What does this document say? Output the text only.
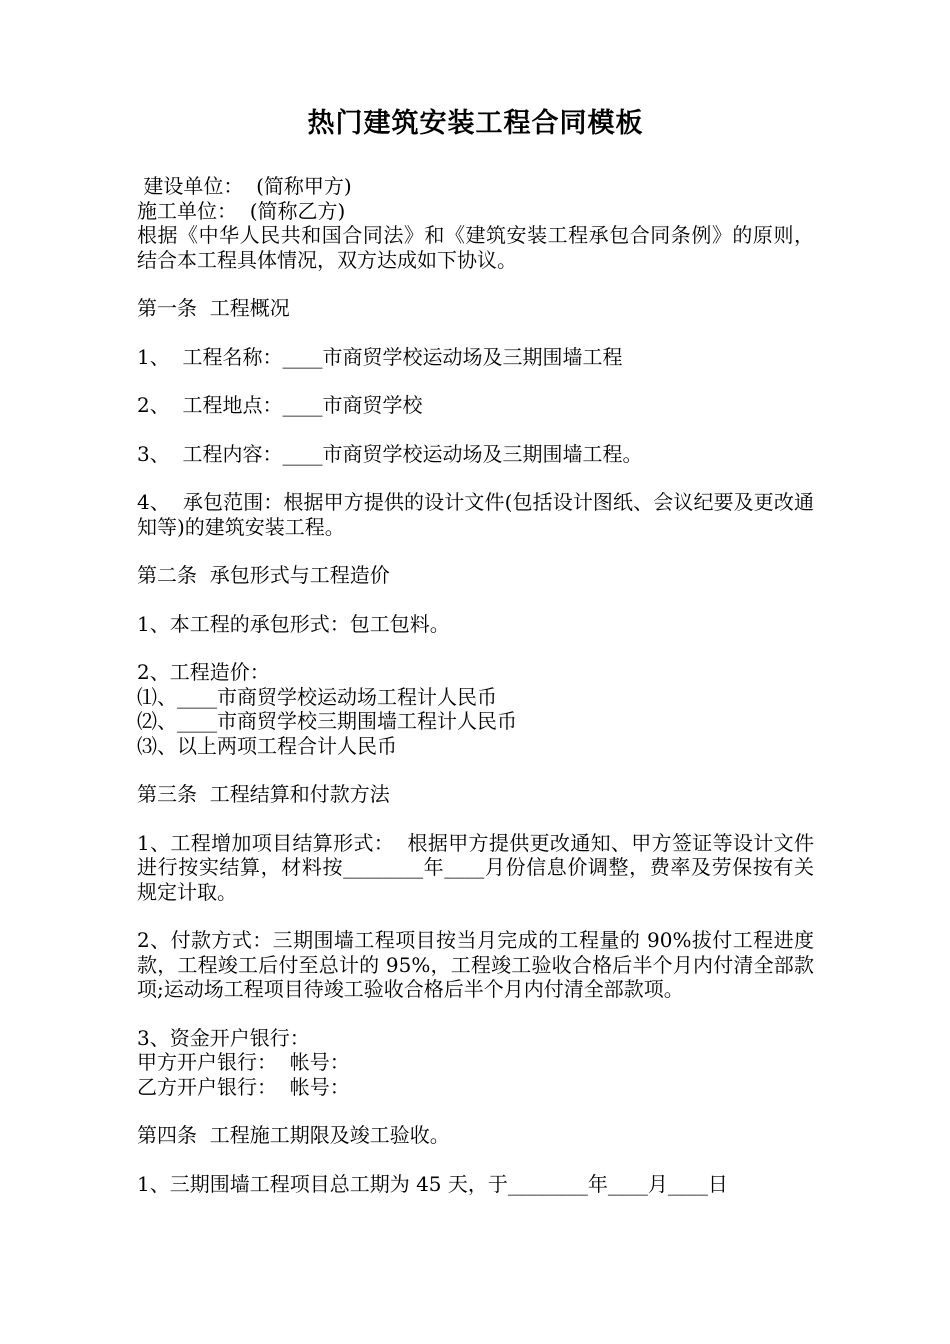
热门建筑安装工程合同模板

建设单位：  (简称甲方)

施工单位：  (简称乙方)

根据《中华人民共和国合同法》和《建筑安装工程承包合同条例》的原则，结合本工程具体情况，双方达成如下协议。

第一条  工程概况

1、  工程名称：____市商贸学校运动场及三期围墙工程

2、  工程地点：____市商贸学校

3、  工程内容：____市商贸学校运动场及三期围墙工程。

4、  承包范围：根据甲方提供的设计文件(包括设计图纸、会议纪要及更改通知等)的建筑安装工程。

第二条  承包形式与工程造价

1、本工程的承包形式：包工包料。

2、工程造价：

⑴、____市商贸学校运动场工程计人民币

⑵、____市商贸学校三期围墙工程计人民币

⑶、以上两项工程合计人民币

第三条  工程结算和付款方法

1、工程增加项目结算形式：  根据甲方提供更改通知、甲方签证等设计文件进行按实结算，材料按________年____月份信息价调整，费率及劳保按有关规定计取。

2、付款方式：三期围墙工程项目按当月完成的工程量的 90%拔付工程进度款，工程竣工后付至总计的 95%，工程竣工验收合格后半个月内付清全部款项;运动场工程项目待竣工验收合格后半个月内付清全部款项。

3、资金开户银行：

甲方开户银行：  帐号：

乙方开户银行：  帐号：

第四条  工程施工期限及竣工验收。

1、三期围墙工程项目总工期为 45 天，于________年____月____日
